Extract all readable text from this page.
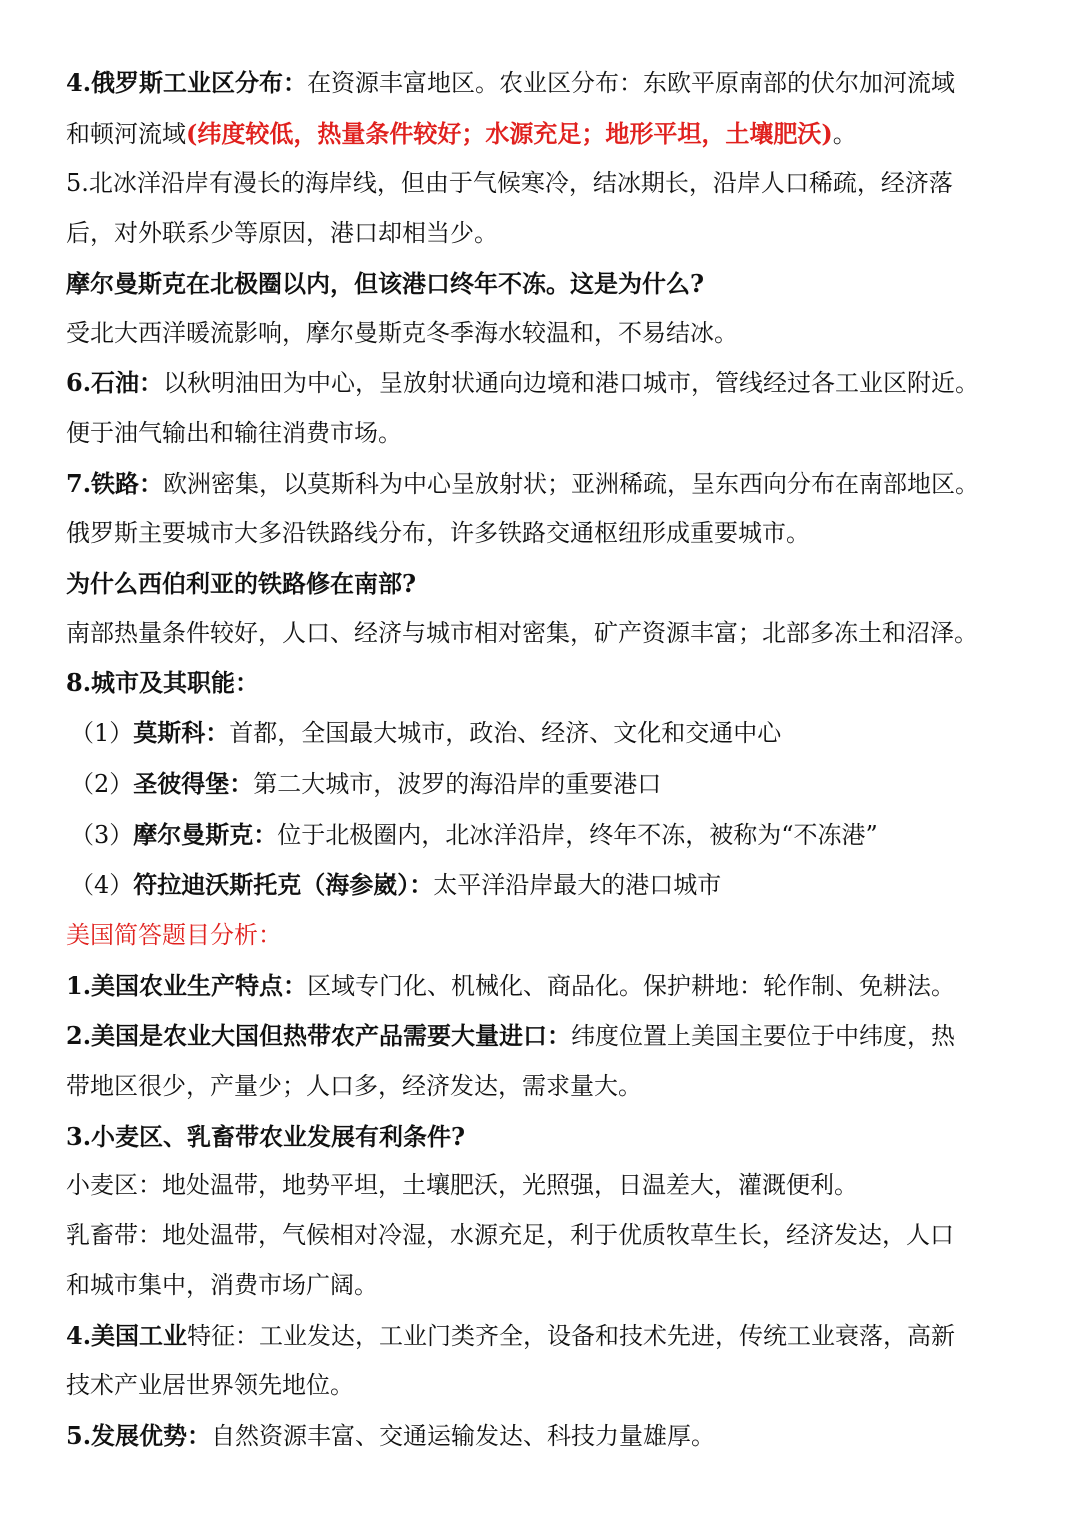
4.俄罗斯工业区分布：在资源丰富地区。农业区分布：东欧平原南部的伏尔加河流域
和顿河流域(纬度较低，热量条件较好；水源充足；地形平坦，土壤肥沃)。
5.北冰洋沿岸有漫长的海岸线，但由于气候寒冷，结冰期长，沿岸人口稀疏，经济落
后，对外联系少等原因，港口却相当少。
摩尔曼斯克在北极圈以内，但该港口终年不冻。这是为什么?
受北大西洋暖流影响，摩尔曼斯克冬季海水较温和，不易结冰。
6.石油：以秋明油田为中心，呈放射状通向边境和港口城市，管线经过各工业区附近。
便于油气输出和输往消费市场。
7.铁路：欧洲密集，以莫斯科为中心呈放射状；亚洲稀疏，呈东西向分布在南部地区。
俄罗斯主要城市大多沿铁路线分布，许多铁路交通枢纽形成重要城市。
为什么西伯利亚的铁路修在南部?
南部热量条件较好，人口、经济与城市相对密集，矿产资源丰富；北部多冻土和沼泽。
8.城市及其职能：
（1）莫斯科：首都，全国最大城市，政治、经济、文化和交通中心
（2）圣彼得堡：第二大城市，波罗的海沿岸的重要港口
（3）摩尔曼斯克：位于北极圈内，北冰洋沿岸，终年不冻，被称为“不冻港”
（4）符拉迪沃斯托克（海参崴）：太平洋沿岸最大的港口城市
美国简答题目分析：
1.美国农业生产特点：区域专门化、机械化、商品化。保护耕地：轮作制、免耕法。
2.美国是农业大国但热带农产品需要大量进口：纬度位置上美国主要位于中纬度，热
带地区很少，产量少；人口多，经济发达，需求量大。
3.小麦区、乳畜带农业发展有利条件?
小麦区：地处温带，地势平坦，土壤肥沃，光照强，日温差大，灌溉便利。
乳畜带：地处温带，气候相对冷湿，水源充足，利于优质牧草生长，经济发达，人口
和城市集中，消费市场广阔。
4.美国工业特征：工业发达，工业门类齐全，设备和技术先进，传统工业衰落，高新
技术产业居世界领先地位。
5.发展优势：自然资源丰富、交通运输发达、科技力量雄厚。
